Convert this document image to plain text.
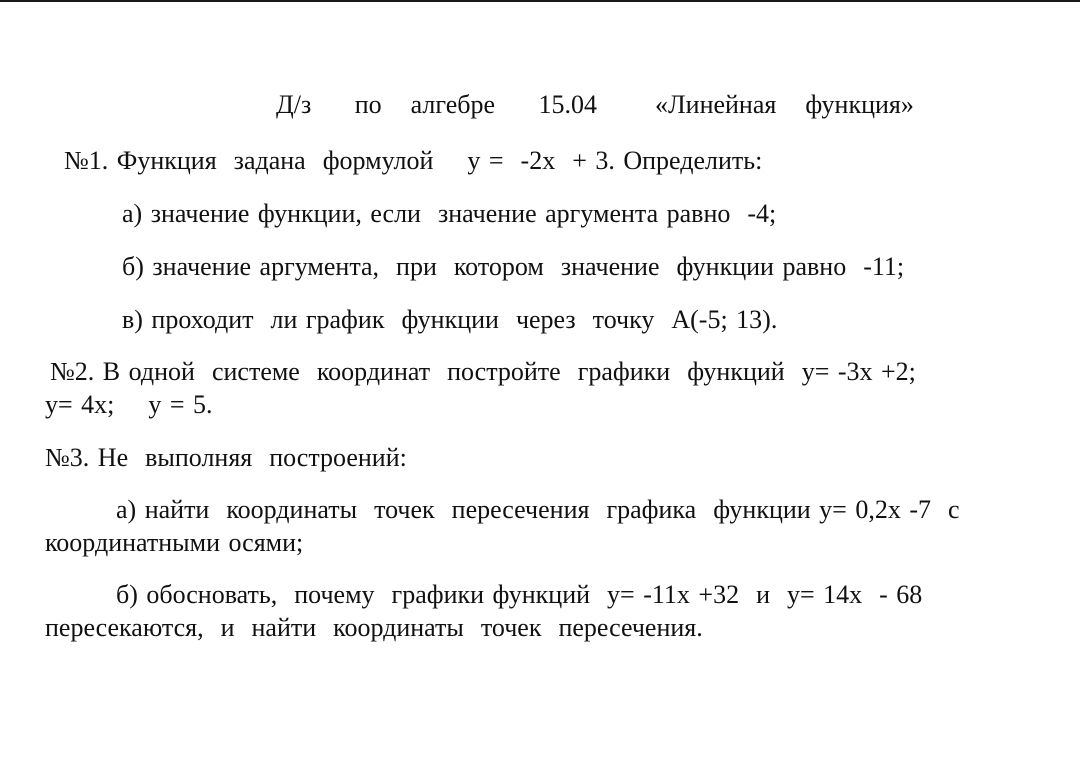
Д/з   по  алгебре   15.04    «Линейная  функция»
№1. Функция  задана  формулой    у =  -2х  + 3. Определить:
а) значение функции, если  значение аргумента равно  -4;
б) значение аргумента,  при  котором  значение  функции равно  -11;
в) проходит  ли график  функции  через  точку  А(-5; 13).
№2. В одной  системе  координат  постройте  графики  функций  у= -3х +2;
у= 4х;    у = 5.
№3. Не  выполняя  построений:
а) найти  координаты  точек  пересечения  графика  функции у= 0,2х -7  с
координатными осями;
б) обосновать,  почему  графики функций  у= -11х +32  и  у= 14х  - 68
пересекаются,  и  найти  координаты  точек  пересечения.
